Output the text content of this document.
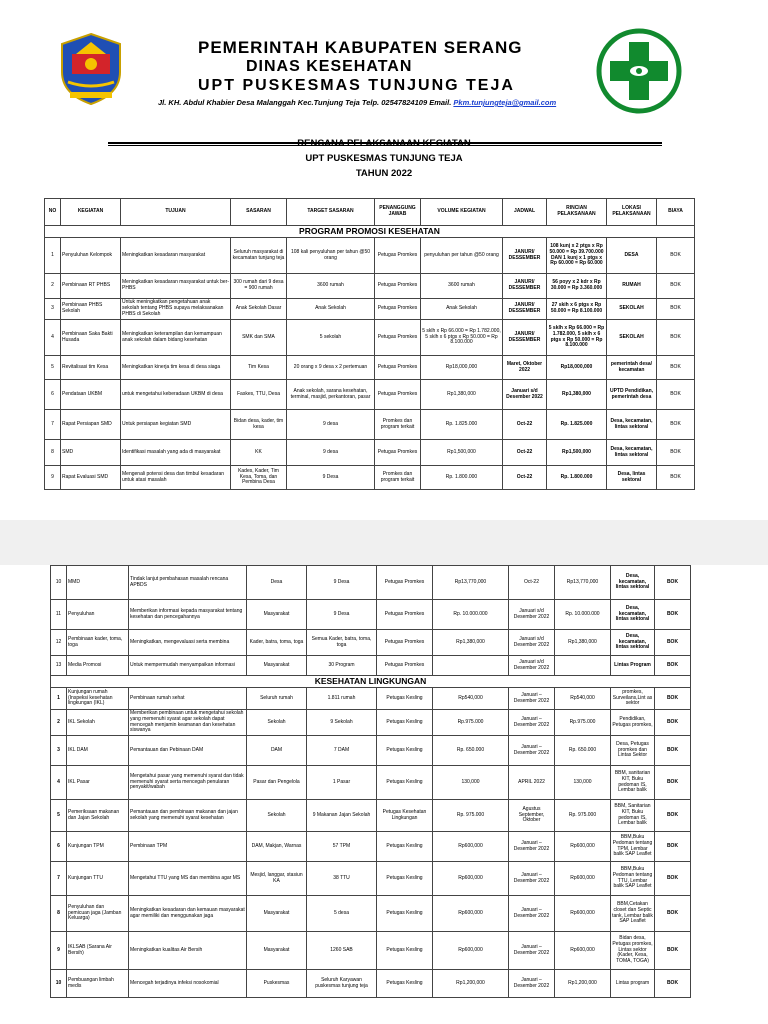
PEMERINTAH KABUPATEN SERANG
DINAS KESEHATAN
UPT PUSKESMAS TUNJUNG TEJA
Jl. KH. Abdul Khabier Desa Malanggah Kec.Tunjung Teja Telp. 02547824109 Email. Pkm.tunjungteja@gmail.com
RENCANA PELAKSANAAN KEGIATAN
UPT PUSKESMAS TUNJUNG TEJA
TAHUN 2022
NO	KEGIATAN	TUJUAN	SASARAN	TARGET SASARAN	PENANGGUNG JAWAB	VOLUME KEGIATAN	JADWAL	RINCIAN PELAKSANAAN	LOKASI PELAKSANAAN	BIAYA
PROGRAM PROMOSI KESEHATAN										
1	Penyuluhan Kelompok	Meningkatkan kesadaran masyarakat	Seluruh masyarakat di kecamatan tunjung teja	108 kali penyuluhan per tahun @50 orang	Petugas Promkes	penyuluhan per tahun @50 orang	JANURI/ DESSEMBER	108 kunj x 2 ptgs x Rp 50.000 = Rp 39.700.000 DAN 1 kunj x 1 ptgs x Rp 60.000 = Rp 60.000	DESA	BOK
2	Pembinaan RT PHBS	Meningkatkan kesadaran masyarakat untuk ber-PHBS	300 rumah dari 9 desa = 900 rumah	3600 rumah	Petugas Promkes	3600 rumah	JANURI/ DESSEMBER	56 poyy x 2 kdr x Rp 30.000 = Rp 3.360.000	RUMAH	BOK
3	Pembinaan PHBS Sekolah	Untuk meningkatkan pengetahuan anak sekolah tentang PHBS supaya melaksanakan PHBS di Sekolah	Anak Sekolah Dasar	Anak Sekolah	Petugas Promkes	Anak Sekolah	JANURI/ DESSEMBER	27 skih x 6 ptgs x Rp 50.000 = Rp 8.100.000	SEKOLAH	BOK
4	Pembinaan Saka Bakti Husada	Meningkatkan keterampilan dan kemampuan anak sekolah dalam bidang kesehatan	SMK dan SMA	5 sekolah	Petugas Promkes	5 sklh x Rp 66.000 = Rp 1.782.000, 5 sklh x 6 ptgs x Rp 50.000 = Rp 8.100.000	JANURI/ DESSEMBER	5 sklh x Rp 66.000 = Rp 1.782.000, 5 sklh x 6 ptgs x Rp 50.000 = Rp 8.100.000	SEKOLAH	BOK
5	Revitalisasi tim Kesa	Meningkatkan kinerja tim kesa di desa siaga	Tim Kesa	20 orang x 9 desa x 2 pertemuan	Petugas Promkes	Rp18,000,000	Maret, Oktober 2022	Rp18,000,000	pemerintah desa/ kecamatan	BOK
6	Pendataan UKBM	untuk mengetahui keberadaan UKBM di desa	Faskes, TTU, Desa	Anak sekolah, sarana kesehatan, terminal, masjid, perkantoran, pasar	Petugas Promkes	Rp1,380,000	Januari s/d Desember 2022	Rp1,380,000	UPTD Pendidikan, pemerintah desa	BOK
7	Rapat Persiapan SMD	Untuk persiapan kegiatan SMD	Bidan desa, kader, tim kesa	9 desa	Promkes dan program terkait	Rp. 1.825.000	Oct-22	Rp. 1.825.000	Desa, kecamatan, lintas sektoral	BOK
8	SMD	Identifikasi masalah yang ada di masyarakat	KK	9 desa	Petugas Promkes	Rp1,500,000	Oct-22	Rp1,500,000	Desa, kecamatan, lintas sektoral	BOK
9	Rapat Evaluasi SMD	Mengenali potensi desa dan timbul kesadaran untuk atasi masalah	Kades, Kader, Tim Kesa, Toma, dan Pembina Desa	9 Desa	Promkes dan program terkait	Rp. 1.800.000	Oct-22	Rp. 1.800.000	Desa, lintas sektoral	BOK
10	MMD	Tindak lanjut pembahasan masalah rencana APBDS	Desa	9 Desa	Petugas Promkes	Rp13,770,000	Oct-22	Rp13,770,000	Desa, kecamatan, lintas sektoral	BOK
11	Penyuluhan	Memberikan informasi kepada masyarakat tentang kesehatan dan pencegahannya	Masyarakat	9 Desa	Petugas Promkes	Rp. 10.000.000	Januari s/d Desember 2022	Rp. 10.000.000	Desa, kecamatan, lintas sektoral	BOK
12	Pembinaan kader, toma, toga	Meningkatkan, mengevaluasi serta membina	Kader, batra, toma, toga	Semua Kader, batra, toma, toga	Petugas Promkes	Rp1,380,000	Januari s/d Desember 2022	Rp1,380,000	Desa, kecamatan, lintas sektoral	BOK
13	Media Promosi	Untuk mempermudah menyampaikan informasi	Masyarakat	30 Program	Petugas Promkes		Januari s/d Desember 2022		Lintas Program	BOK
KESEHATAN LINGKUNGAN										
1	Kunjungan rumah (Inspeksi kesehatan lingkungan (IKL)	Pembinaan rumah sehat	Seluruh rumah	1.811 rumah	Petugas Kesling	Rp540,000	Januari – Desember 2022	Rp540,000	promkes, Surveilans,Lint as sektor	BOK
2	IKL Sekolah	Memberikan pembinaan untuk mengetahui sekolah yang memenuhi syarat agar sekolah dapat mencegah menjamin keamanan dan kesehatan siswanya	Sekolah	9 Sekolah	Petugas Kesling	Rp.975.000	Januari – Desember 2022	Rp.975.000	Pendidikan, Petugas promkes,	BOK
3	IKL DAM	Pemantauan dan Pebinaan DAM	DAM	7 DAM	Petugas Kesling	Rp. 650.000	Januari – Desember 2022	Rp. 650.000	Desa, Petugas promkes dan Lintas Sektor	BOK
4	IKL Pasar	Mengetahui pasar yang memenuhi syarat dan tidak memenuhi syarat serta mencegah penularan penyakit/wabah	Pasar dan Pengelola	1 Pasar	Petugas Kesling	130,000	APRIL 2022	130,000	BBM, sanitarian KIT, Buku pedoman IS, Lembar balik	BOK
5	Pemeriksaan makanan dan Jajan Sekolah	Pemantauan dan pembinaan makanan dan jajan sekolah yang memenuhi syarat kesehatan	Sekolah	9 Makanan Jajan Sekolah	Petugas Kesehatan Lingkungan	Rp. 975.000	Agustus September, Oktober	Rp. 975.000	BBM, Sanitarian KIT, Buku pedoman IS, Lembar balik	BOK
6	Kunjungan TPM	Pembinaan TPM	DAM, Makjan, Warnas	57 TPM	Petugas Kesling	Rp600,000	Januari – Desember 2022	Rp600,000	BBM,Buku Pedoman tentang TPM, Lembar balik SAP Leaflet	BOK
7	Kunjungan TTU	Mengetahui TTU yang MS dan membina agar MS	Mesjid, langgar, stasiun KA	38 TTU	Petugas Kesling	Rp600,000	Januari – Desember 2022	Rp600,000	BBM,Buku Pedoman tentang TTU, Lembar balik SAP Leaflet	BOK
8	Penyuluhan dan pemicuan jaga (Jamban Keluarga)	Meningkatkan kesadaran dan kemauan masyarakat agar memiliki dan menggunakan jaga	Masyarakat	5 desa	Petugas Kesling	Rp600,000	Januari – Desember 2022	Rp600,000	BBM,Cetakan closet dan Septic tank, Lembar balik SAP Leaflet	BOK
9	IKLSAB (Sarana Air Bersih)	Meningkatkan kualitas Air Bersih	Masyarakat	1260 SAB	Petugas Kesling	Rp600,000	Januari – Desember 2022	Rp600,000	Bidan desa, Petugas promkes, Lintas sektor (Kader, Kesa, TOMA, TOGA)	BOK
10	Pembuangan limbah medis	Mencegah terjadinya infeksi nosokomial	Puskesmas	Seluruh Karyawan puskesmas tunjung teja	Petugas Kesling	Rp1,200,000	Januari – Desember 2022	Rp1,200,000	Lintas program	BOK
